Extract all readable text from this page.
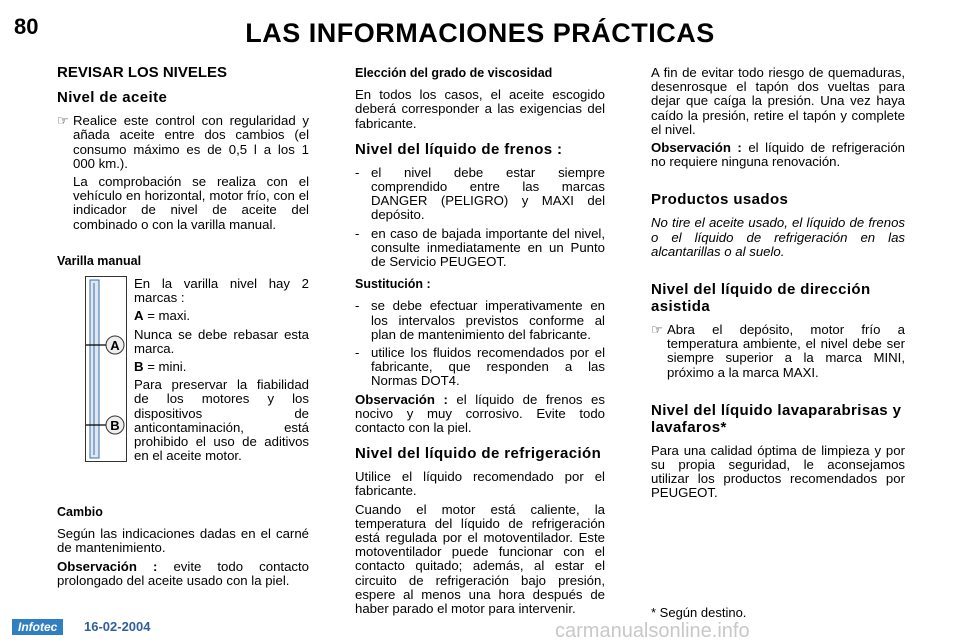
80	LAS INFORMACIONES PRÁCTICAS
REVISAR LOS NIVELES
Nivel de aceite
☞ Realice este control con regularidad y añada aceite entre dos cambios (el consumo máximo es de 0,5 l a los 1 000 km.).
La comprobación se realiza con el vehículo en horizontal, motor frío, con el indicador de nivel de aceite del combinado o con la varilla manual.
Varilla manual
A
B
En la varilla nivel hay 2 marcas :
A = maxi.
Nunca se debe rebasar esta marca.
B = mini.
Para preservar la fiabilidad de los motores y los dispositivos de anticontaminación, está prohibido el uso de aditivos en el aceite motor.
Cambio
Según las indicaciones dadas en el carné de mantenimiento.
Observación : evite todo contacto prolongado del aceite usado con la piel.
Elección del grado de viscosidad
En todos los casos, el aceite escogido deberá corresponder a las exigencias del fabricante.
Nivel del líquido de frenos :
- el nivel debe estar siempre comprendido entre las marcas DANGER (PELIGRO) y MAXI del depósito.
- en caso de bajada importante del nivel, consulte inmediatamente en un Punto de Servicio PEUGEOT.
Sustitución :
- se debe efectuar imperativamente en los intervalos previstos conforme al plan de mantenimiento del fabricante.
- utilice los fluidos recomendados por el fabricante, que responden a las Normas DOT4.
Observación : el líquido de frenos es nocivo y muy corrosivo. Evite todo contacto con la piel.
Nivel del líquido de refrigeración
Utilice el líquido recomendado por el fabricante.
Cuando el motor está caliente, la temperatura del líquido de refrigeración está regulada por el motoventilador. Este motoventilador puede funcionar con el contacto quitado; además, al estar el circuito de refrigeración bajo presión, espere al menos una hora después de haber parado el motor para intervenir.
A fin de evitar todo riesgo de quemaduras, desenrosque el tapón dos vueltas para dejar que caíga la presión. Una vez haya caído la presión, retire el tapón y complete el nivel.
Observación : el líquido de refrigeración no requiere ninguna renovación.
Productos usados
No tire el aceite usado, el líquido de frenos o el líquido de refrigeración en las alcantarillas o al suelo.
Nivel del líquido de dirección asistida
☞ Abra el depósito, motor frío a temperatura ambiente, el nivel debe ser siempre superior a la marca MINI, próximo a la marca MAXI.
Nivel del líquido lavaparabrisas y lavafaros*
Para una calidad óptima de limpieza y por su propia seguridad, le aconsejamos utilizar los productos recomendados por PEUGEOT.
* Según destino.
Infotec	16-02-2004	carmanualsonline.info
